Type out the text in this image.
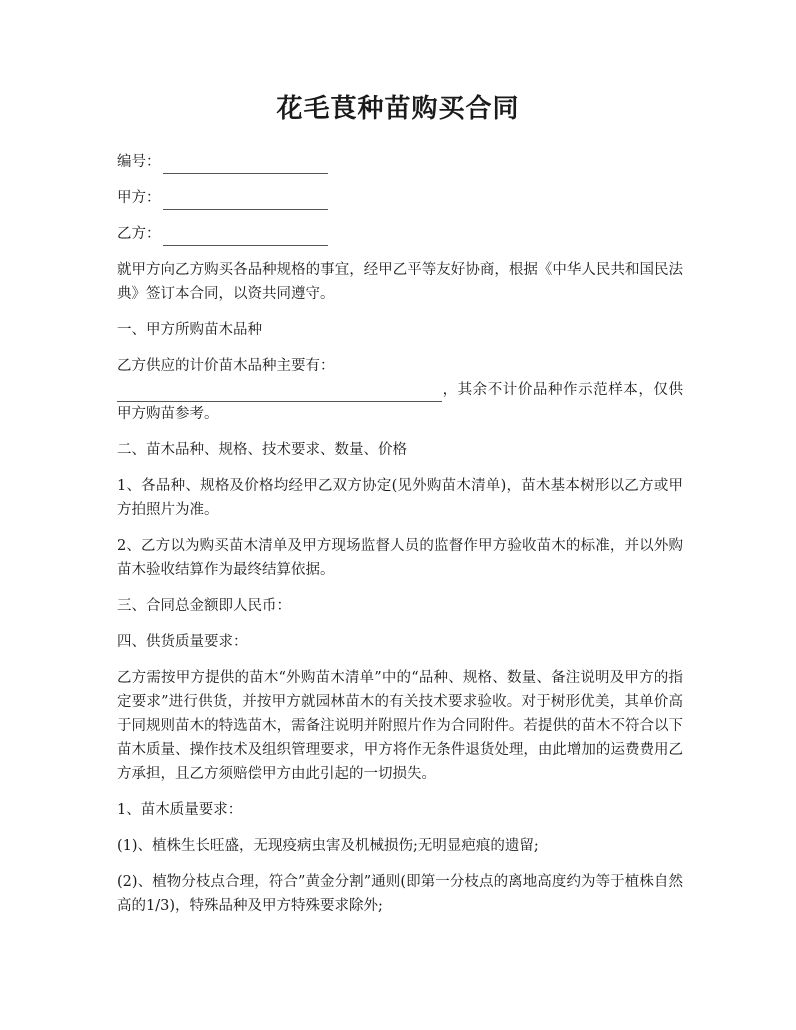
花毛茛种苗购买合同
编号：
甲方：
乙方：

就甲方向乙方购买各品种规格的事宜，经甲乙平等友好协商，根据《中华人民共和国民法典》签订本合同，以资共同遵守。

一、甲方所购苗木品种

乙方供应的计价苗木品种主要有：
，其余不计价品种作示范样本，仅供甲方购苗参考。

二、苗木品种、规格、技术要求、数量、价格

1、各品种、规格及价格均经甲乙双方协定(见外购苗木清单)，苗木基本树形以乙方或甲方拍照片为准。

2、乙方以为购买苗木清单及甲方现场监督人员的监督作甲方验收苗木的标准，并以外购苗木验收结算作为最终结算依据。

三、合同总金额即人民币：

四、供货质量要求：

乙方需按甲方提供的苗木“外购苗木清单”中的“品种、规格、数量、备注说明及甲方的指定要求”进行供货，并按甲方就园林苗木的有关技术要求验收。对于树形优美，其单价高于同规则苗木的特选苗木，需备注说明并附照片作为合同附件。若提供的苗木不符合以下苗木质量、操作技术及组织管理要求，甲方将作无条件退货处理，由此增加的运费费用乙方承担，且乙方须赔偿甲方由此引起的一切损失。

1、苗木质量要求：

(1)、植株生长旺盛，无现疫病虫害及机械损伤;无明显疤痕的遗留;

(2)、植物分枝点合理，符合”黄金分割”通则(即第一分枝点的离地高度约为等于植株自然高的1/3)，特殊品种及甲方特殊要求除外;
